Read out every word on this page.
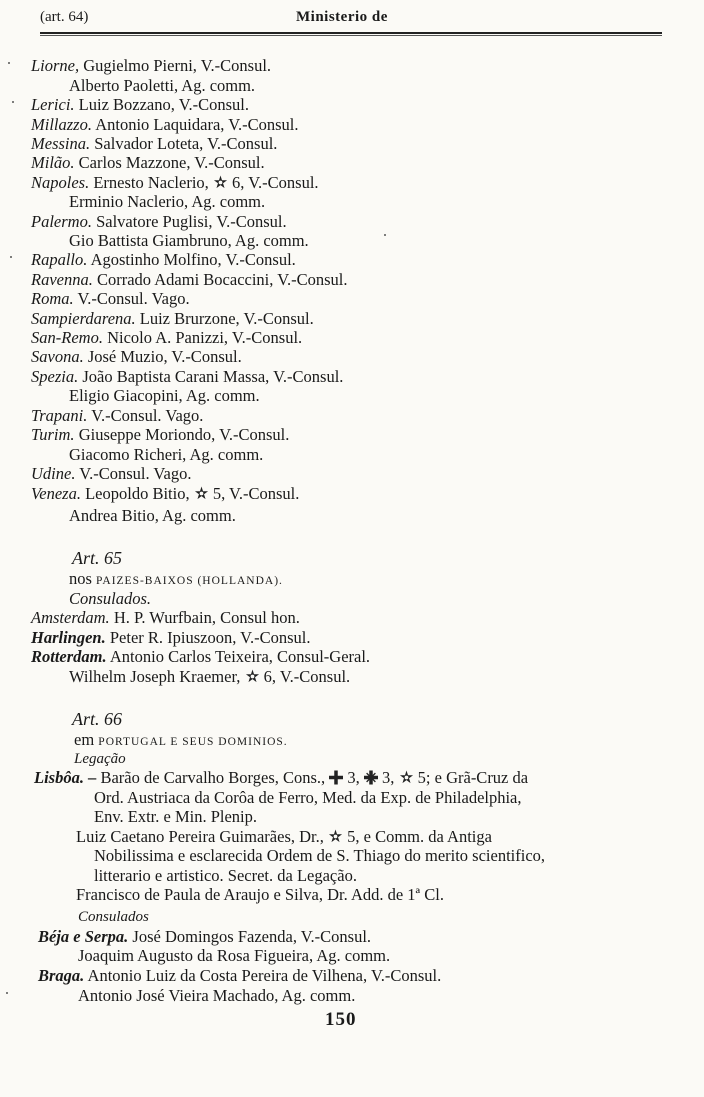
(art. 64)	Ministerio de
Liorne, Gugielmo Pierni, V.-Consul.
Alberto Paoletti, Ag. comm.
Lerici. Luiz Bozzano, V.-Consul.
Millazzo. Antonio Laquidara, V.-Consul.
Messina. Salvador Loteta, V.-Consul.
Milão. Carlos Mazzone, V.-Consul.
Napoles. Ernesto Naclerio, 6, V.-Consul.
Erminio Naclerio, Ag. comm.
Palermo. Salvatore Puglisi, V.-Consul.
Gio Battista Giambruno, Ag. comm.
Rapallo. Agostinho Molfino, V.-Consul.
Ravenna. Corrado Adami Bocaccini, V.-Consul.
Roma. V.-Consul. Vago.
Sampierdarena. Luiz Brurzone, V.-Consul.
San-Remo. Nicolo A. Panizzi, V.-Consul.
Savona. José Muzio, V.-Consul.
Spezia. João Baptista Carani Massa, V.-Consul.
Eligio Giacopini, Ag. comm.
Trapani. V.-Consul. Vago.
Turim. Giuseppe Moriondo, V.-Consul.
Giacomo Richeri, Ag. comm.
Udine. V.-Consul. Vago.
Veneza. Leopoldo Bitio, 5, V.-Consul.
Andrea Bitio, Ag. comm.
Art. 65
nos PAIZES-BAIXOS (HOLLANDA).
Consulados.
Amsterdam. H. P. Wurfbain, Consul hon.
Harlingen. Peter R. Ipiuszoon, V.-Consul.
Rotterdam. Antonio Carlos Teixeira, Consul-Geral.
Wilhelm Joseph Kraemer, 6, V.-Consul.
Art. 66
em PORTUGAL E SEUS DOMINIOS.
Legação
Lisbôa. – Barão de Carvalho Borges, Cons., 3, 3, 5; e Grã-Cruz da
Ord. Austriaca da Corôa de Ferro, Med. da Exp. de Philadelphia,
Env. Extr. e Min. Plenip.
Luiz Caetano Pereira Guimarães, Dr., 5, e Comm. da Antiga
Nobilissima e esclarecida Ordem de S. Thiago do merito scientifico,
litterario e artistico. Secret. da Legação.
Francisco de Paula de Araujo e Silva, Dr. Add. de 1ª Cl.
Consulados
Béja e Serpa. José Domingos Fazenda, V.-Consul.
Joaquim Augusto da Rosa Figueira, Ag. comm.
Braga. Antonio Luiz da Costa Pereira de Vilhena, V.-Consul.
Antonio José Vieira Machado, Ag. comm.
150
